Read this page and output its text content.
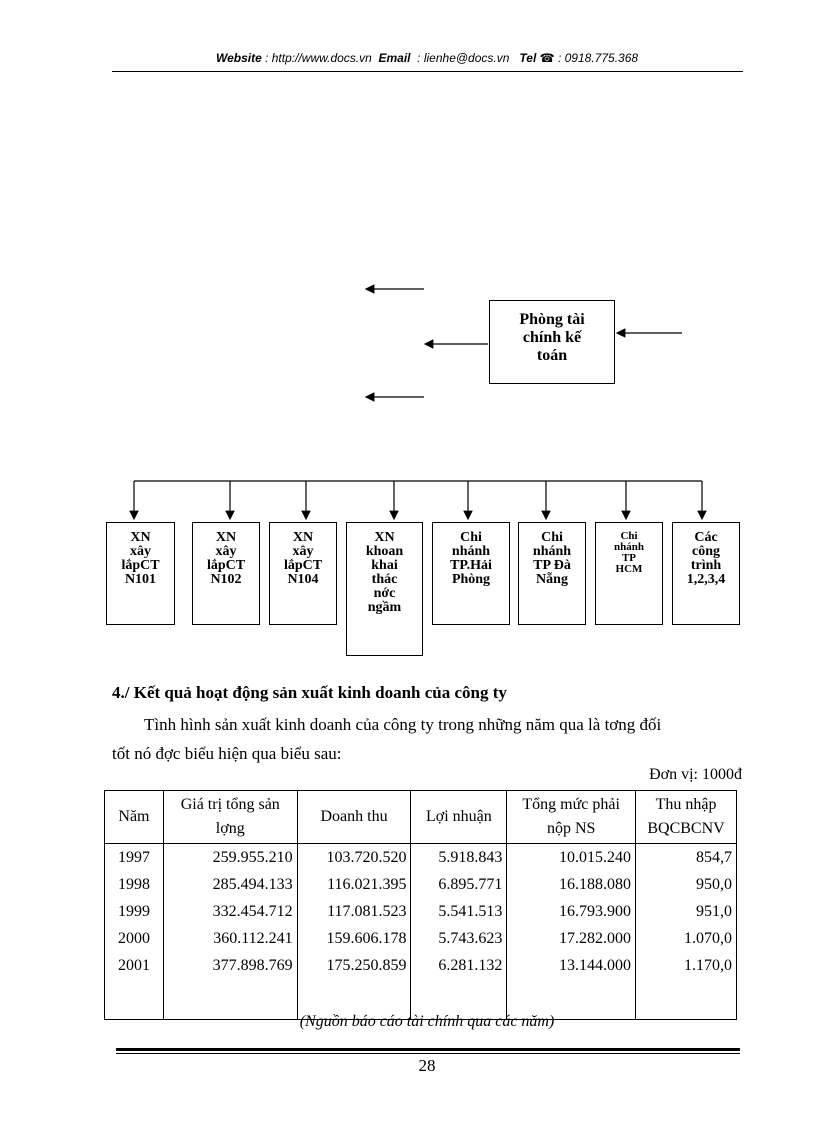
Website : http://www.docs.vn Email : lienhe@docs.vn Tel ☎ : 0918.775.368
Phòng tài
chính kế
toán
XN
xây
lắpCT
N101
XN
xây
lắpCT
N102
XN
xây
lắpCT
N104
XN
khoan
khai
thác
nớc
ngầm
Chi
nhánh
TP.Hải
Phòng
Chi
nhánh
TP Đà
Nẵng
Chi
nhánh
TP
HCM
Các
công
trình
1,2,3,4
4./ Kết quả hoạt động sản xuất kinh doanh của công ty
Tình hình sản xuất kinh doanh của công ty trong những năm qua là tơng đối
tốt nó đợc biểu hiện qua biểu sau:
Đơn vị: 1000đ
Năm	Giá trị tổng sản lợng	Doanh thu	Lợi nhuận	Tổng mức phải nộp NS	Thu nhập BQCBCNV
1997	259.955.210	103.720.520	5.918.843	10.015.240	854,7
1998	285.494.133	116.021.395	6.895.771	16.188.080	950,0
1999	332.454.712	117.081.523	5.541.513	16.793.900	951,0
2000	360.112.241	159.606.178	5.743.623	17.282.000	1.070,0
2001	377.898.769	175.250.859	6.281.132	13.144.000	1.170,0

(Nguồn báo cáo tài chính qua các năm)
28
